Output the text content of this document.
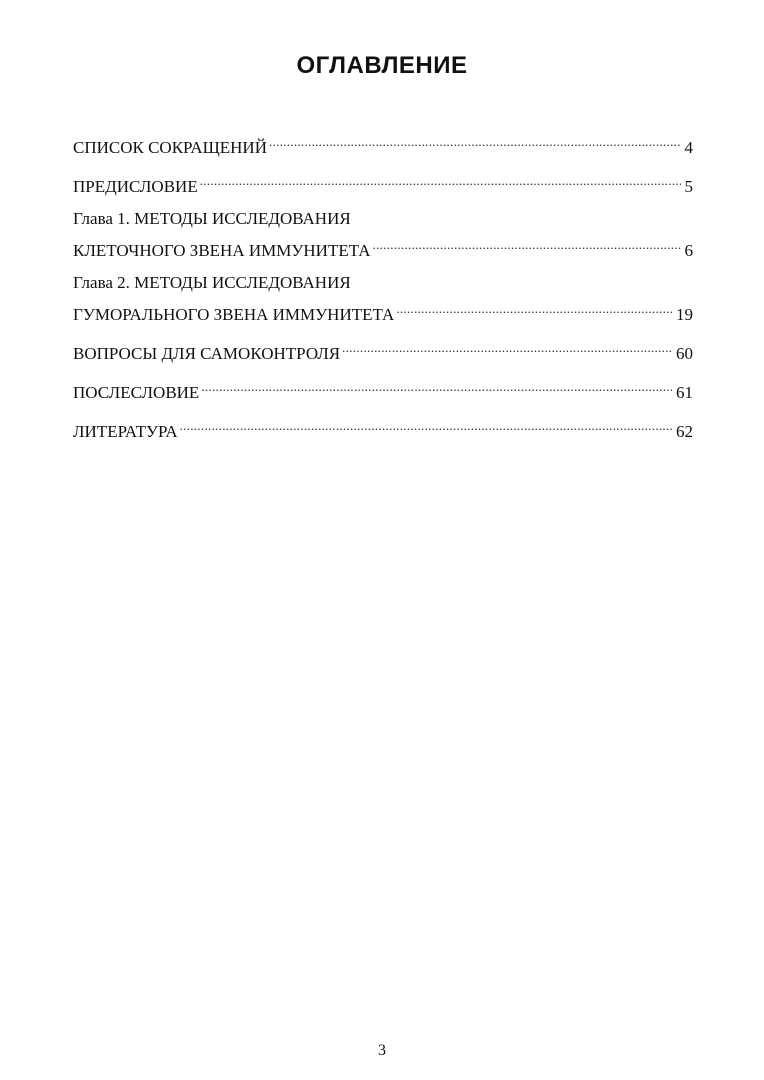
ОГЛАВЛЕНИЕ
СПИСОК СОКРАЩЕНИЙ .....	4
ПРЕДИСЛОВИЕ .....	5
Глава 1. МЕТОДЫ ИССЛЕДОВАНИЯ
КЛЕТОЧНОГО ЗВЕНА ИММУНИТЕТА .....	6
Глава 2. МЕТОДЫ ИССЛЕДОВАНИЯ
ГУМОРАЛЬНОГО ЗВЕНА ИММУНИТЕТА .....	19
ВОПРОСЫ ДЛЯ САМОКОНТРОЛЯ .....	60
ПОСЛЕСЛОВИЕ .....	61
ЛИТЕРАТУРА .....	62
3
